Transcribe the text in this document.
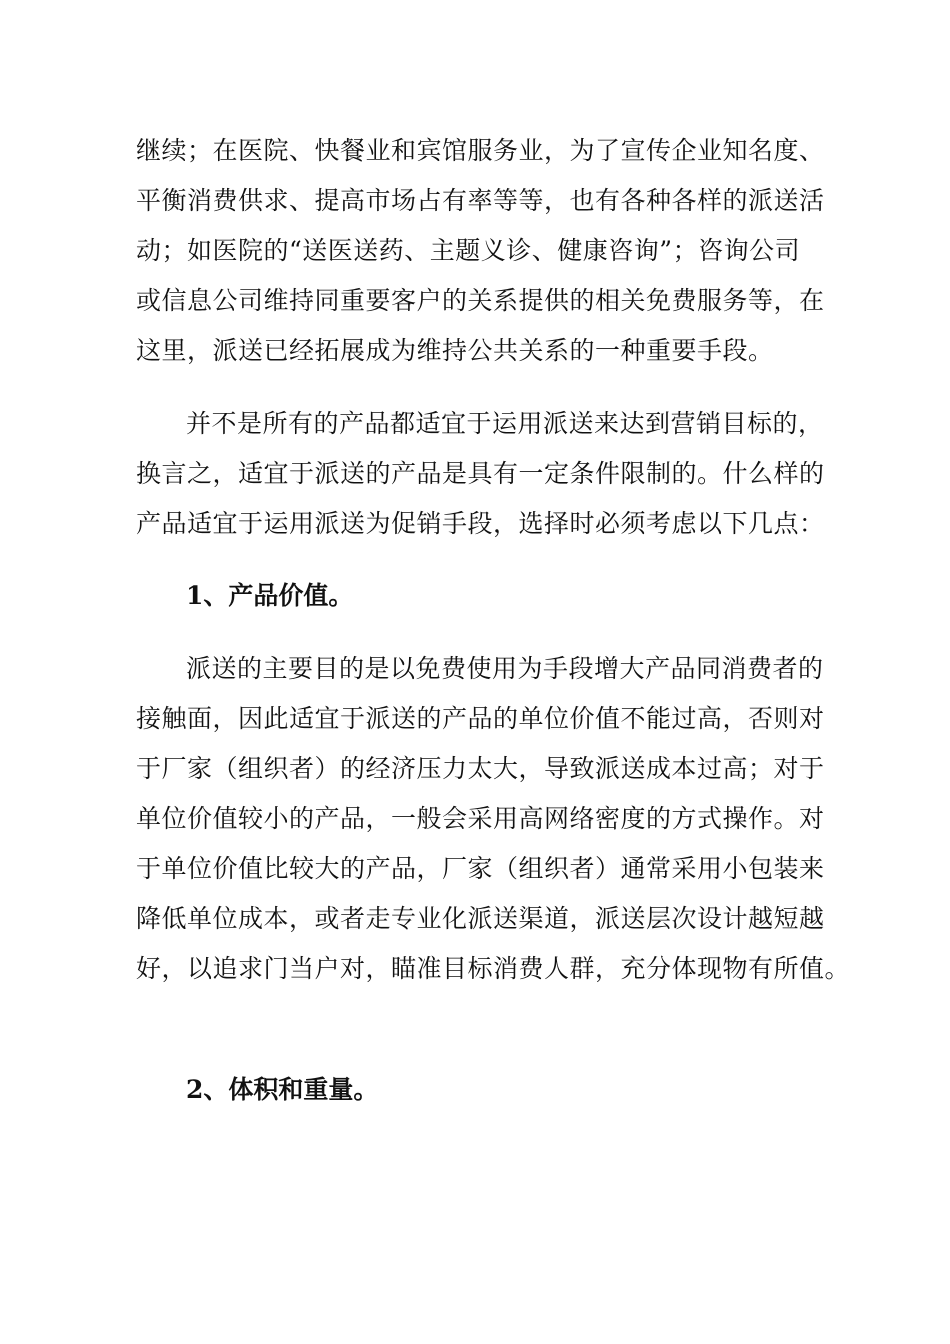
继续；在医院、快餐业和宾馆服务业，为了宣传企业知名度、
平衡消费供求、提高市场占有率等等，也有各种各样的派送活
动；如医院的“送医送药、主题义诊、健康咨询”；咨询公司
或信息公司维持同重要客户的关系提供的相关免费服务等，在
这里，派送已经拓展成为维持公共关系的一种重要手段。
并不是所有的产品都适宜于运用派送来达到营销目标的，
换言之，适宜于派送的产品是具有一定条件限制的。什么样的
产品适宜于运用派送为促销手段，选择时必须考虑以下几点：
1、产品价值。
派送的主要目的是以免费使用为手段增大产品同消费者的
接触面，因此适宜于派送的产品的单位价值不能过高，否则对
于厂家（组织者）的经济压力太大，导致派送成本过高；对于
单位价值较小的产品，一般会采用高网络密度的方式操作。对
于单位价值比较大的产品，厂家（组织者）通常采用小包装来
降低单位成本，或者走专业化派送渠道，派送层次设计越短越
好，以追求门当户对，瞄准目标消费人群，充分体现物有所值。
2、体积和重量。
